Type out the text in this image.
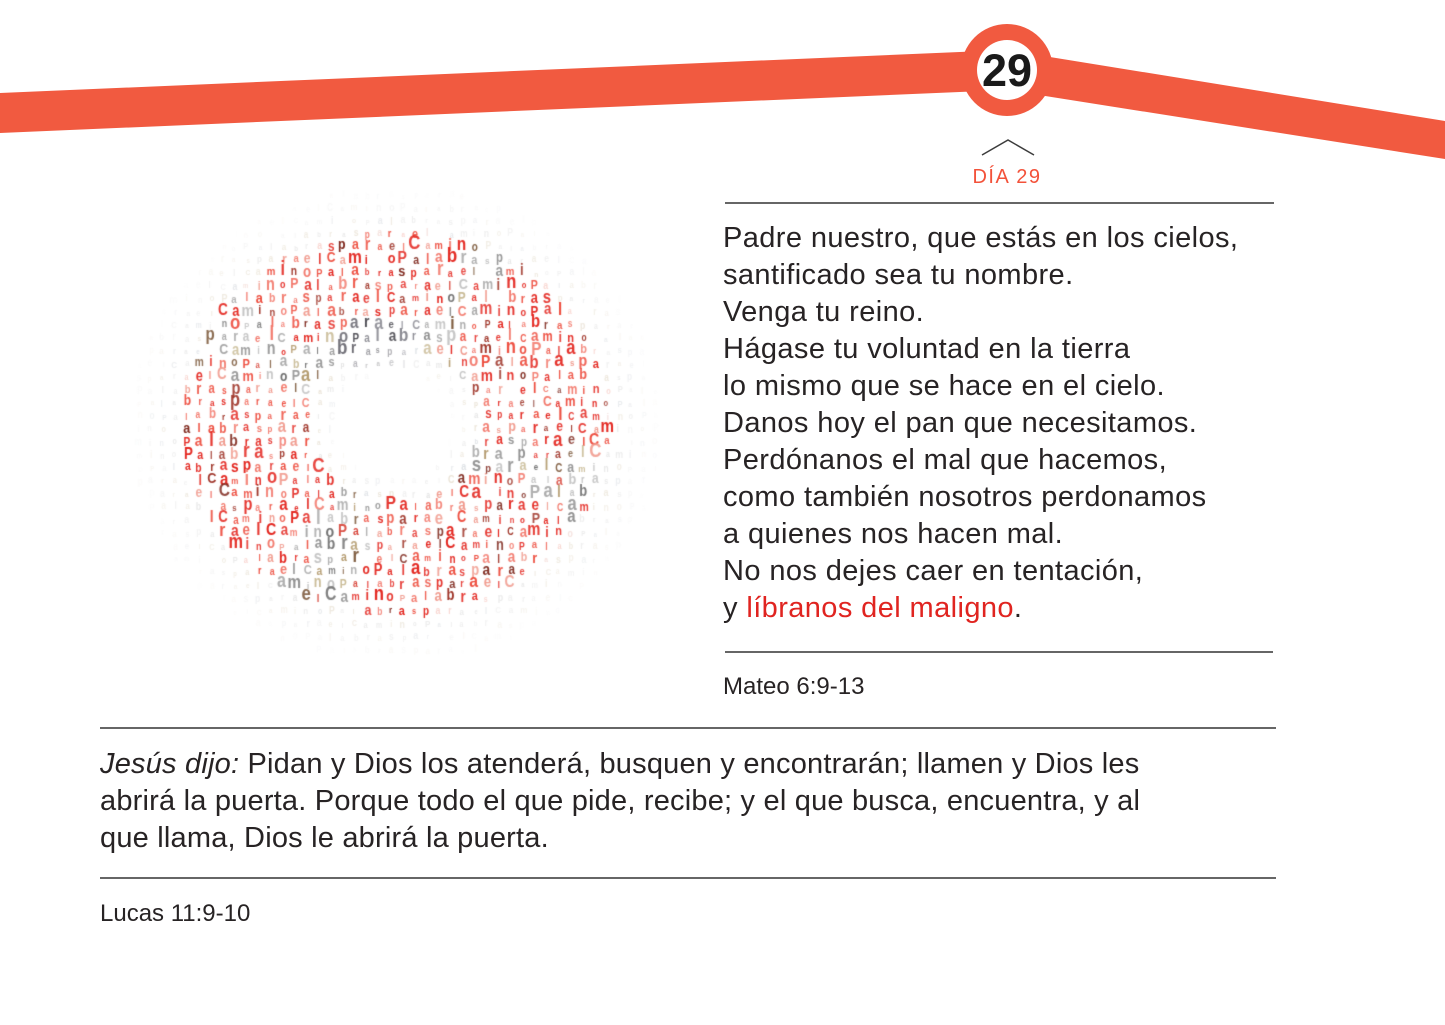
29
DÍA 29
Padre nuestro, que estás en los cielos,
santificado sea tu nombre.
Venga tu reino.
Hágase tu voluntad en la tierra
lo mismo que se hace en el cielo.
Danos hoy el pan que necesitamos.
Perdónanos el mal que hacemos,
como también nosotros perdonamos
a quienes nos hacen mal.
No nos dejes caer en tentación,
y líbranos del maligno.
Mateo 6:9-13
Jesús dijo: Pidan y Dios los atenderá, busquen y encontrarán; llamen y Dios les
abrirá la puerta. Porque todo el que pide, recibe; y el que busca, encuentra, y al
que llama, Dios le abrirá la puerta.
Lucas 11:9-10
